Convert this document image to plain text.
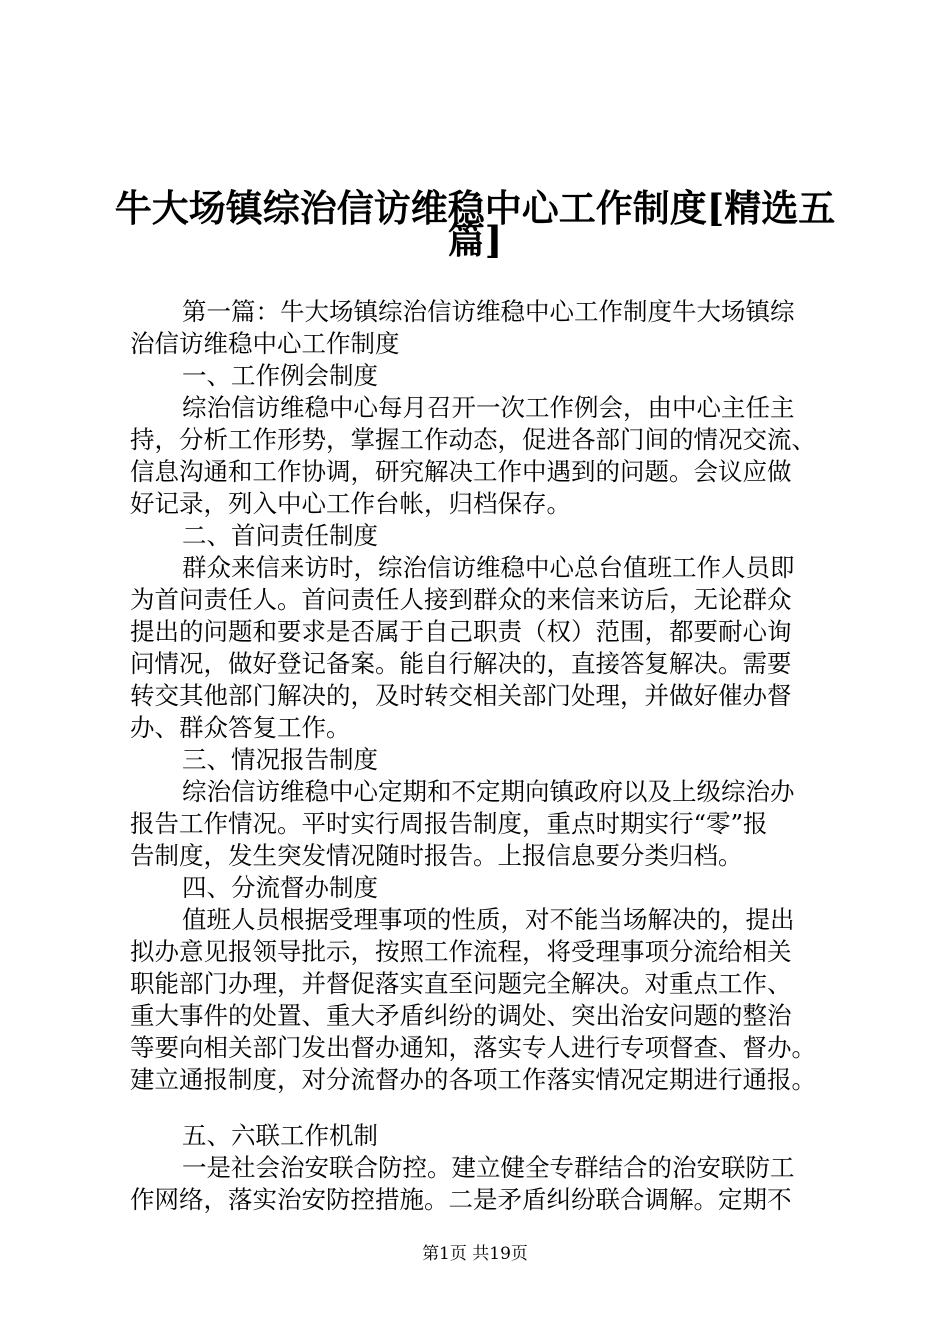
牛大场镇综治信访维稳中心工作制度[精选五
篇]
第一篇：牛大场镇综治信访维稳中心工作制度牛大场镇综
治信访维稳中心工作制度
一、工作例会制度
综治信访维稳中心每月召开一次工作例会，由中心主任主
持，分析工作形势，掌握工作动态，促进各部门间的情况交流、
信息沟通和工作协调，研究解决工作中遇到的问题。会议应做
好记录，列入中心工作台帐，归档保存。
二、首问责任制度
群众来信来访时，综治信访维稳中心总台值班工作人员即
为首问责任人。首问责任人接到群众的来信来访后，无论群众
提出的问题和要求是否属于自己职责（权）范围，都要耐心询
问情况，做好登记备案。能自行解决的，直接答复解决。需要
转交其他部门解决的，及时转交相关部门处理，并做好催办督
办、群众答复工作。
三、情况报告制度
综治信访维稳中心定期和不定期向镇政府以及上级综治办
报告工作情况。平时实行周报告制度，重点时期实行“零”报
告制度，发生突发情况随时报告。上报信息要分类归档。
四、分流督办制度
值班人员根据受理事项的性质，对不能当场解决的，提出
拟办意见报领导批示，按照工作流程，将受理事项分流给相关
职能部门办理，并督促落实直至问题完全解决。对重点工作、
重大事件的处置、重大矛盾纠纷的调处、突出治安问题的整治
等要向相关部门发出督办通知，落实专人进行专项督查、督办。
建立通报制度，对分流督办的各项工作落实情况定期进行通报。
五、六联工作机制
一是社会治安联合防控。建立健全专群结合的治安联防工
作网络，落实治安防控措施。二是矛盾纠纷联合调解。定期不
第1页 共19页
